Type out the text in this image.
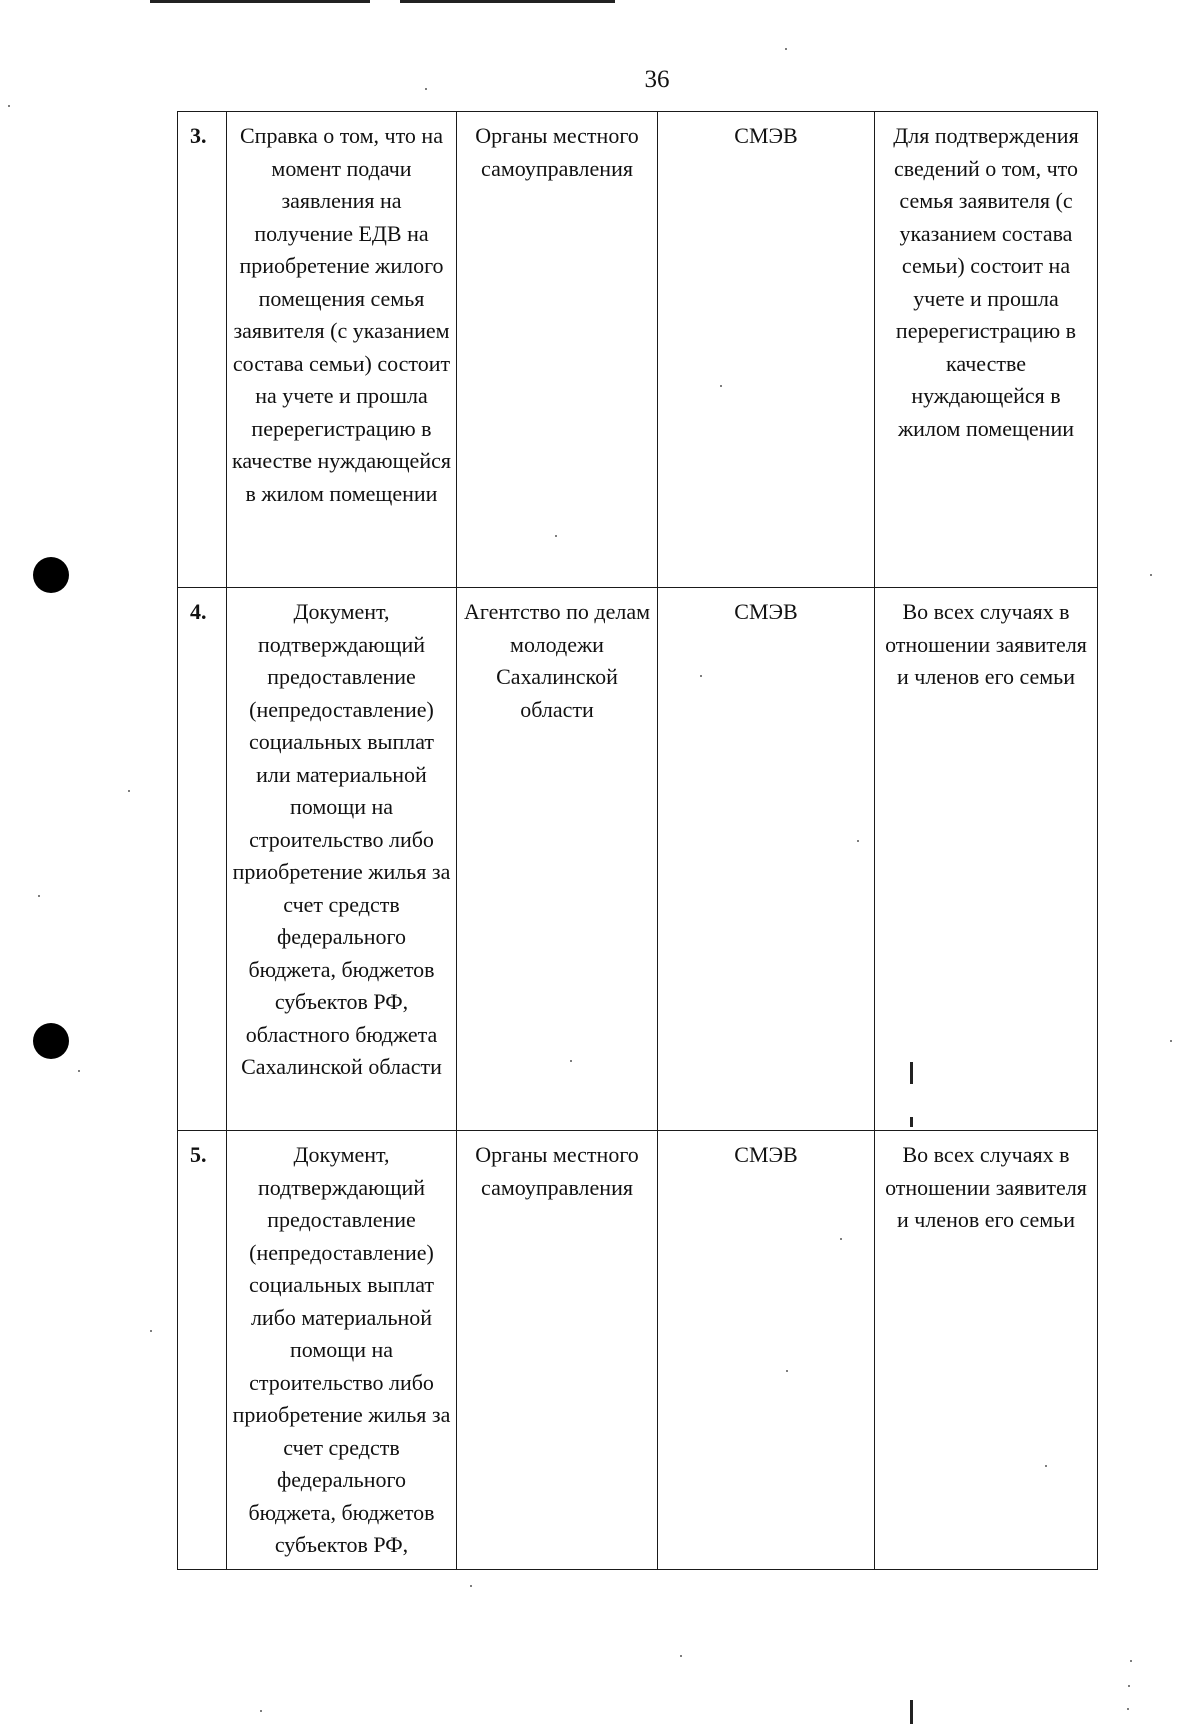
36
3.	Справка о том, что на момент подачи заявления на получение ЕДВ на приобретение жилого помещения семья заявителя (с указанием состава семьи) состоит на учете и прошла перерегистрацию в качестве нуждающейся в жилом помещении	Органы местного самоуправления	СМЭВ	Для подтверждения сведений о том, что семья заявителя (с указанием состава семьи) состоит на учете и прошла перерегистрацию в качестве нуждающейся в жилом помещении
4.	Документ, подтверждающий предоставление (непредоставление) социальных выплат или материальной помощи на строительство либо приобретение жилья за счет средств федерального бюджета, бюджетов субъектов РФ, областного бюджета Сахалинской области	Агентство по делам молодежи Сахалинской области	СМЭВ	Во всех случаях в отношении заявителя и членов его семьи
5.	Документ, подтверждающий предоставление (непредоставление) социальных выплат либо материальной помощи на строительство либо приобретение жилья за счет средств федерального бюджета, бюджетов субъектов РФ,	Органы местного самоуправления	СМЭВ	Во всех случаях в отношении заявителя и членов его семьи
